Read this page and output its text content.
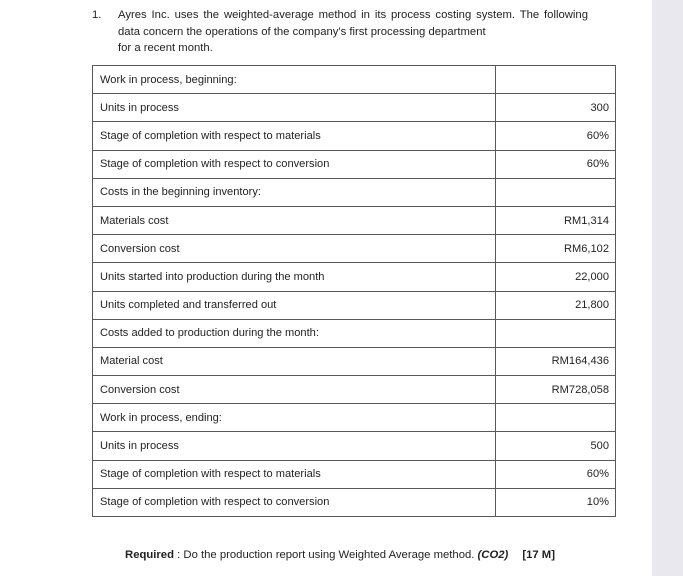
1.	Ayres Inc. uses the weighted-average method in its process costing system. The following data concern the operations of the company's first processing department
for a recent month.
Work in process, beginning:	
Units in process	300
Stage of completion with respect to materials	60%
Stage of completion with respect to conversion	60%
Costs in the beginning inventory:	
Materials cost	RM1,314
Conversion cost	RM6,102
Units started into production during the month	22,000
Units completed and transferred out	21,800
Costs added to production during the month:	
Material cost	RM164,436
Conversion cost	RM728,058
Work in process, ending:	
Units in process	500
Stage of completion with respect to materials	60%
Stage of completion with respect to conversion	10%
Required : Do the production report using Weighted Average method. (CO2) [17 M]
